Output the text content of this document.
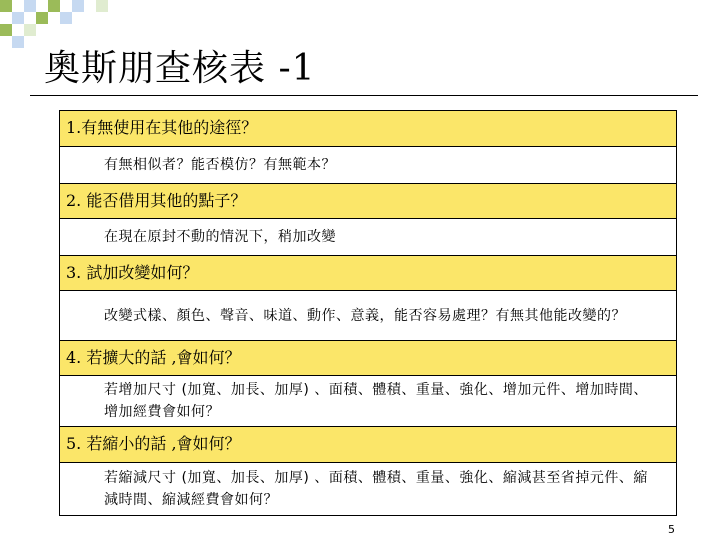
奧斯朋查核表 -1
1.有無使用在其他的途徑？
有無相似者？能否模仿？有無範本？
2. 能否借用其他的點子？
在現在原封不動的情況下，稍加改變
3. 試加改變如何？
改變式樣、顏色、聲音、味道、動作、意義，能否容易處理？有無其他能改變的？
4. 若擴大的話 ,會如何？
若增加尺寸 (加寬、加長、加厚) 、面積、體積、重量、強化、增加元件、增加時間、增加經費會如何？
5. 若縮小的話 ,會如何？
若縮減尺寸 (加寬、加長、加厚) 、面積、體積、重量、強化、縮減甚至省掉元件、縮減時間、縮減經費會如何？
5
